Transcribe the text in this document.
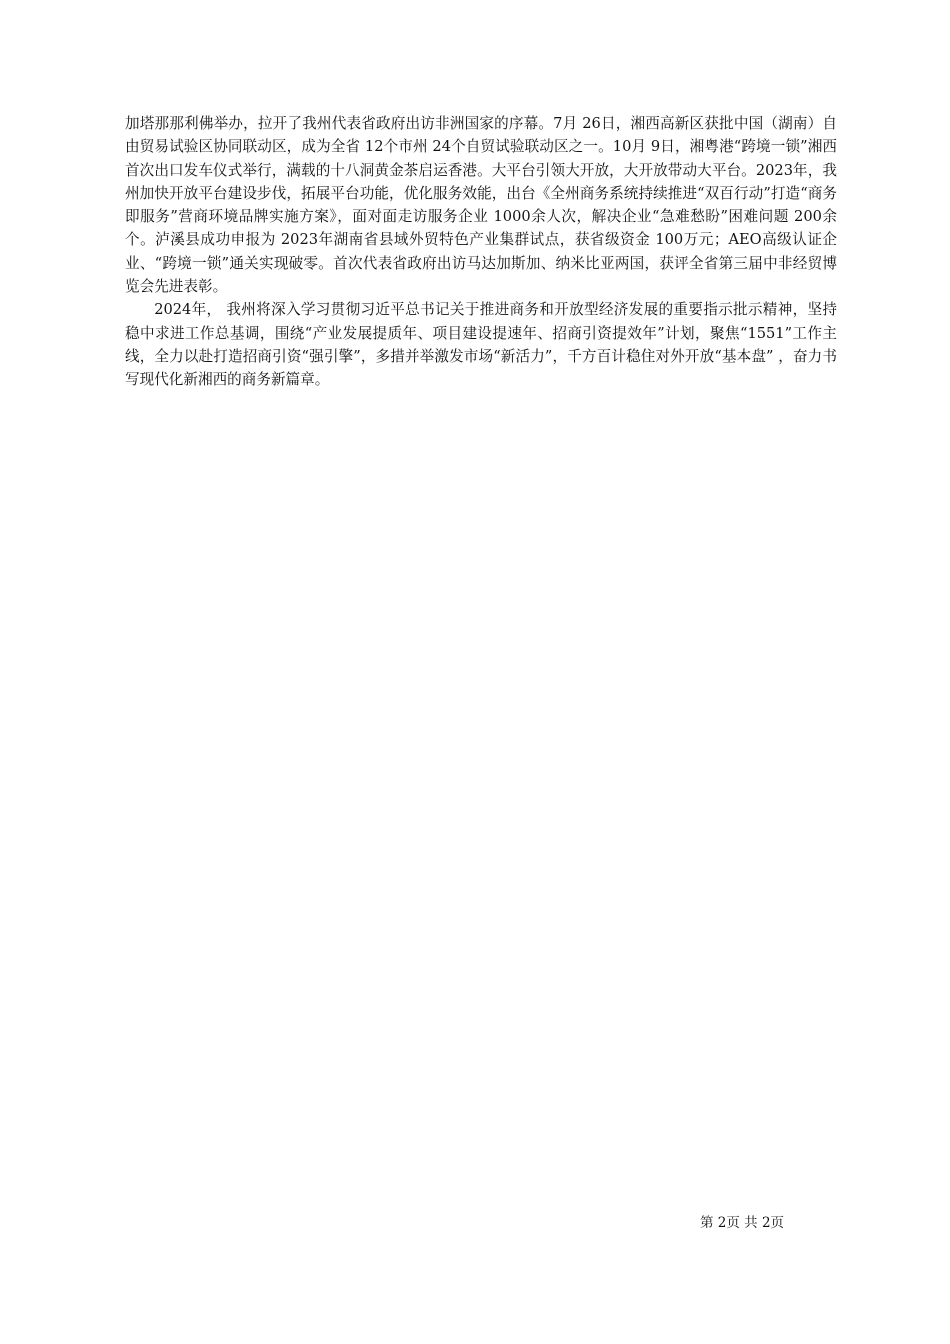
加塔那那利佛举办，拉开了我州代表省政府出访非洲国家的序幕。7月 26日，湘西高新区获批中国（湖南）自由贸易试验区协同联动区，成为全省 12个市州 24个自贸试验联动区之一。10月 9日，湘粤港“跨境一锁”湘西首次出口发车仪式举行，满载的十八洞黄金茶启运香港。大平台引领大开放，大开放带动大平台。2023年，我州加快开放平台建设步伐，拓展平台功能，优化服务效能，出台《全州商务系统持续推进“双百行动”打造“商务即服务”营商环境品牌实施方案》，面对面走访服务企业 1000余人次，解决企业“急难愁盼”困难问题 200余个。泸溪县成功申报为 2023年湖南省县域外贸特色产业集群试点，获省级资金 100万元；AEO高级认证企业、“跨境一锁”通关实现破零。首次代表省政府出访马达加斯加、纳米比亚两国，获评全省第三届中非经贸博览会先进表彰。

2024年， 我州将深入学习贯彻习近平总书记关于推进商务和开放型经济发展的重要指示批示精神，坚持稳中求进工作总基调，围绕“产业发展提质年、项目建设提速年、招商引资提效年”计划，聚焦“1551”工作主线，全力以赴打造招商引资“强引擎”，多措并举激发市场“新活力”，千方百计稳住对外开放“基本盘” ，奋力书写现代化新湘西的商务新篇章。

第 2页 共 2页
